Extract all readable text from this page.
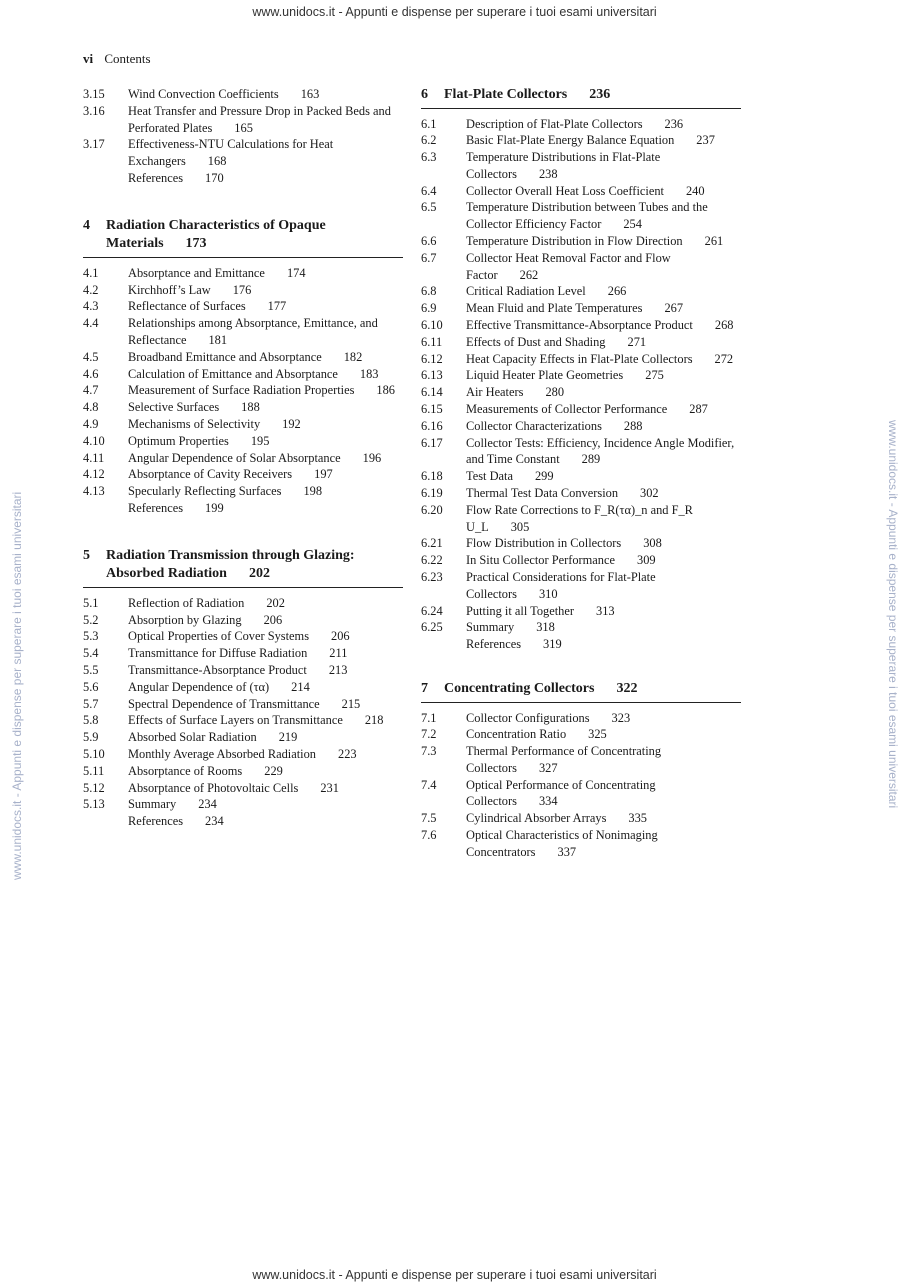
www.unidocs.it - Appunti e dispense per superare i tuoi esami universitari
www.unidocs.it - Appunti e dispense per superare i tuoi esami universitari
www.unidocs.it - Appunti e dispense per superare i tuoi esami universitari	www.unidocs.it - Appunti e dispense per superare i tuoi esami universitari
vi Contents
3.15	Wind Convection Coefficients 163
3.16	Heat Transfer and Pressure Drop in Packed Beds and Perforated Plates 165
3.17	Effectiveness-NTU Calculations for Heat Exchangers 168
References 170
4	Radiation Characteristics of Opaque Materials 173
4.1	Absorptance and Emittance 174
4.2	Kirchhoff’s Law 176
4.3	Reflectance of Surfaces 177
4.4	Relationships among Absorptance, Emittance, and Reflectance 181
4.5	Broadband Emittance and Absorptance 182
4.6	Calculation of Emittance and Absorptance 183
4.7	Measurement of Surface Radiation Properties 186
4.8	Selective Surfaces 188
4.9	Mechanisms of Selectivity 192
4.10	Optimum Properties 195
4.11	Angular Dependence of Solar Absorptance 196
4.12	Absorptance of Cavity Receivers 197
4.13	Specularly Reflecting Surfaces 198
References 199
5	Radiation Transmission through Glazing: Absorbed Radiation 202
5.1	Reflection of Radiation 202
5.2	Absorption by Glazing 206
5.3	Optical Properties of Cover Systems 206
5.4	Transmittance for Diffuse Radiation 211
5.5	Transmittance-Absorptance Product 213
5.6	Angular Dependence of (τα) 214
5.7	Spectral Dependence of Transmittance 215
5.8	Effects of Surface Layers on Transmittance 218
5.9	Absorbed Solar Radiation 219
5.10	Monthly Average Absorbed Radiation 223
5.11	Absorptance of Rooms 229
5.12	Absorptance of Photovoltaic Cells 231
5.13	Summary 234
References 234
6	Flat-Plate Collectors 236
6.1	Description of Flat-Plate Collectors 236
6.2	Basic Flat-Plate Energy Balance Equation 237
6.3	Temperature Distributions in Flat-Plate Collectors 238
6.4	Collector Overall Heat Loss Coefficient 240
6.5	Temperature Distribution between Tubes and the Collector Efficiency Factor 254
6.6	Temperature Distribution in Flow Direction 261
6.7	Collector Heat Removal Factor and Flow Factor 262
6.8	Critical Radiation Level 266
6.9	Mean Fluid and Plate Temperatures 267
6.10	Effective Transmittance-Absorptance Product 268
6.11	Effects of Dust and Shading 271
6.12	Heat Capacity Effects in Flat-Plate Collectors 272
6.13	Liquid Heater Plate Geometries 275
6.14	Air Heaters 280
6.15	Measurements of Collector Performance 287
6.16	Collector Characterizations 288
6.17	Collector Tests: Efficiency, Incidence Angle Modifier, and Time Constant 289
6.18	Test Data 299
6.19	Thermal Test Data Conversion 302
6.20	Flow Rate Corrections to F_R(τα)_n and F_R U_L 305
6.21	Flow Distribution in Collectors 308
6.22	In Situ Collector Performance 309
6.23	Practical Considerations for Flat-Plate Collectors 310
6.24	Putting it all Together 313
6.25	Summary 318
References 319
7	Concentrating Collectors 322
7.1	Collector Configurations 323
7.2	Concentration Ratio 325
7.3	Thermal Performance of Concentrating Collectors 327
7.4	Optical Performance of Concentrating Collectors 334
7.5	Cylindrical Absorber Arrays 335
7.6	Optical Characteristics of Nonimaging Concentrators 337
